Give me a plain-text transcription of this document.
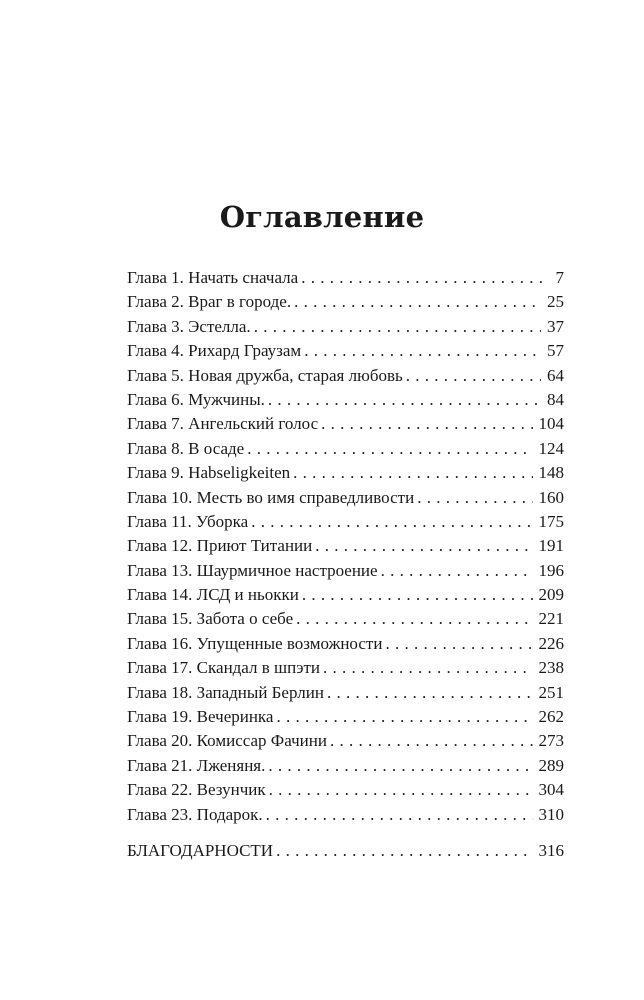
Оглавление
Глава 1. Начать сначала . . .	7
Глава 2. Враг в городе. . . .	25
Глава 3. Эстелла. . . .	37
Глава 4. Рихард Граузам . . .	57
Глава 5. Новая дружба, старая любовь . . .	64
Глава 6. Мужчины. . . .	84
Глава 7. Ангельский голос . . .	104
Глава 8. В осаде . . .	124
Глава 9. Habseligkeiten . . .	148
Глава 10. Месть во имя справедливости . . .	160
Глава 11. Уборка . . .	175
Глава 12. Приют Титании . . .	191
Глава 13. Шаурмичное настроение . . .	196
Глава 14. ЛСД и ньокки . . .	209
Глава 15. Забота о себе . . .	221
Глава 16. Упущенные возможности . . .	226
Глава 17. Скандал в шпэти . . .	238
Глава 18. Западный Берлин . . .	251
Глава 19. Вечеринка . . .	262
Глава 20. Комиссар Фачини . . .	273
Глава 21. Лженяня. . . .	289
Глава 22. Везунчик . . .	304
Глава 23. Подарок. . . .	310
БЛАГОДАРНОСТИ . . .	316
